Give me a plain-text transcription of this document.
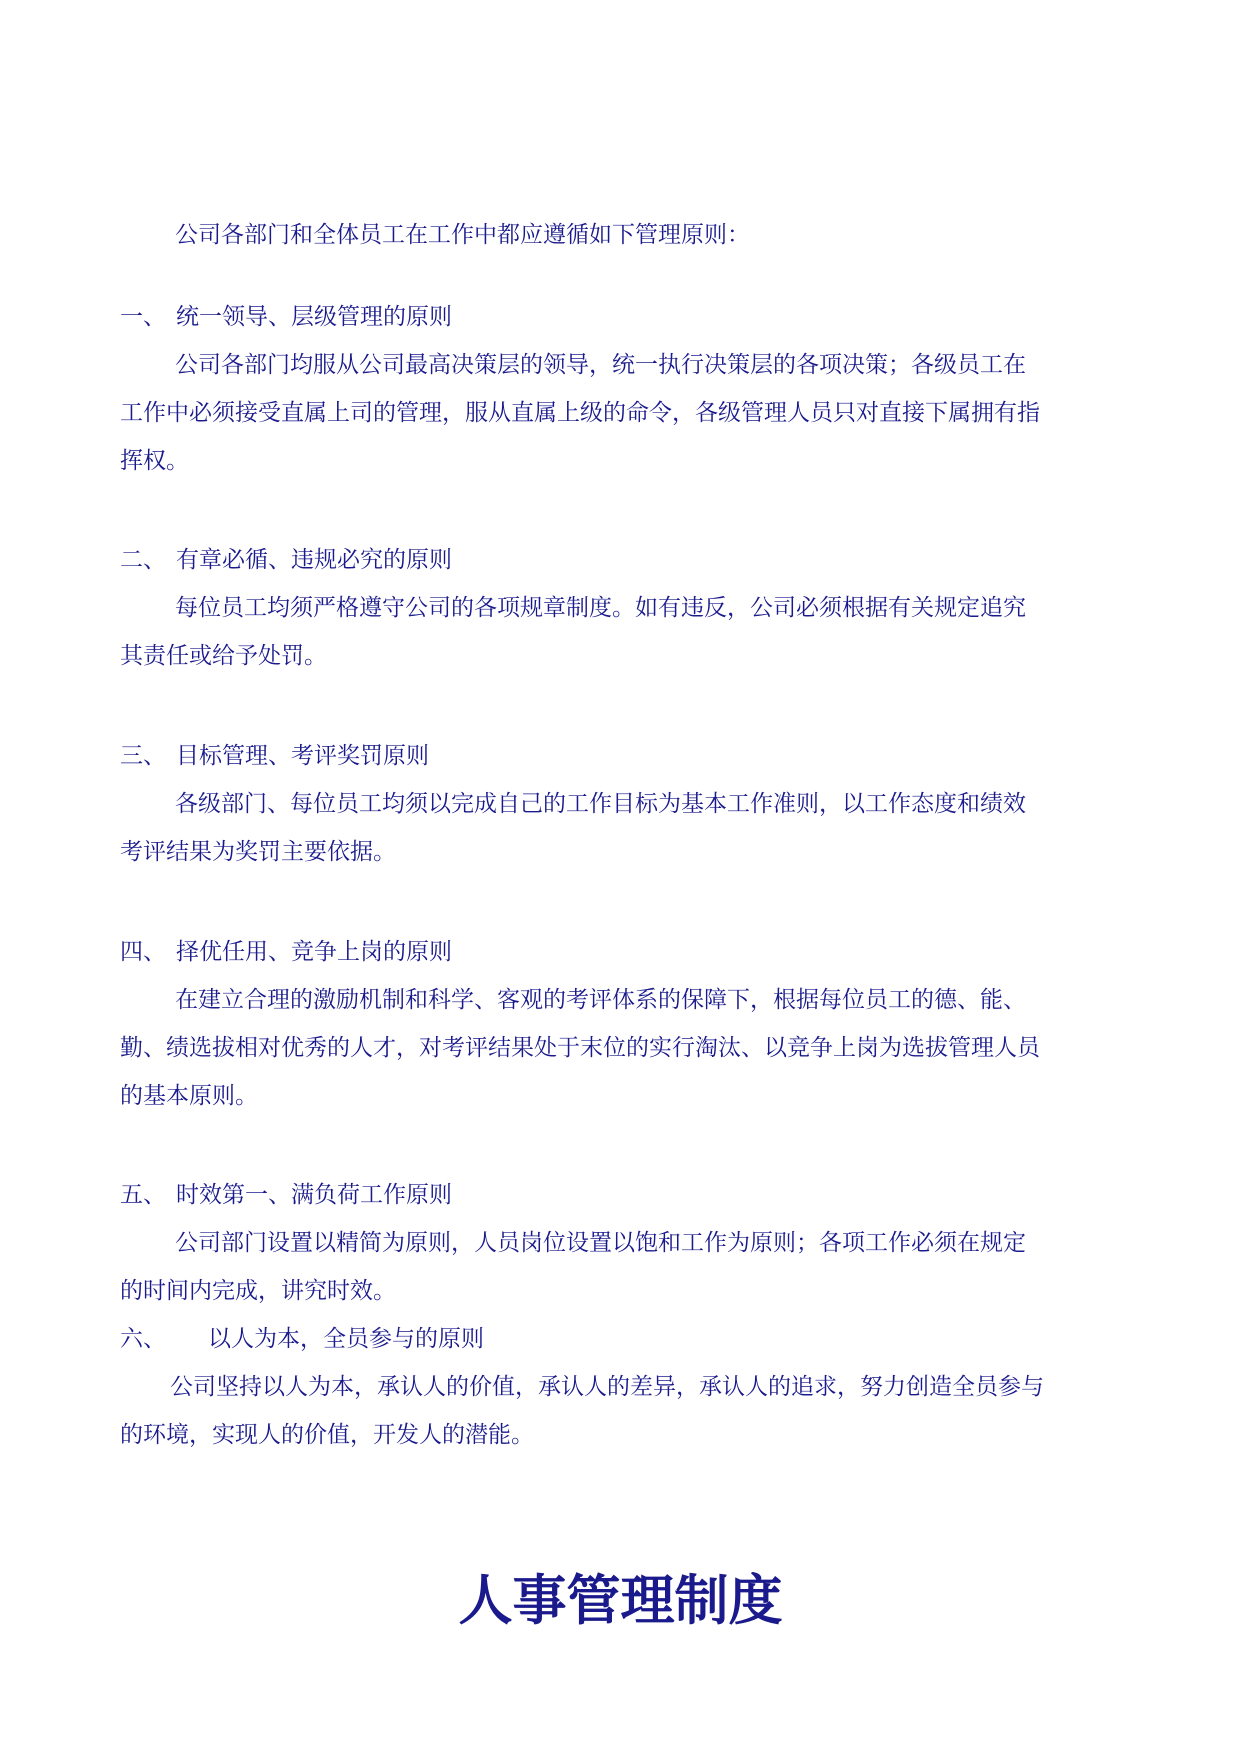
公司各部门和全体员工在工作中都应遵循如下管理原则：
一、 统一领导、层级管理的原则
公司各部门均服从公司最高决策层的领导，统一执行决策层的各项决策；各级员工在
工作中必须接受直属上司的管理，服从直属上级的命令，各级管理人员只对直接下属拥有指
挥权。
二、 有章必循、违规必究的原则
每位员工均须严格遵守公司的各项规章制度。如有违反，公司必须根据有关规定追究
其责任或给予处罚。
三、 目标管理、考评奖罚原则
各级部门、每位员工均须以完成自己的工作目标为基本工作准则，以工作态度和绩效
考评结果为奖罚主要依据。
四、 择优任用、竞争上岗的原则
在建立合理的激励机制和科学、客观的考评体系的保障下，根据每位员工的德、能、
勤、绩选拔相对优秀的人才，对考评结果处于末位的实行淘汰、以竞争上岗为选拔管理人员
的基本原则。
五、 时效第一、满负荷工作原则
公司部门设置以精简为原则，人员岗位设置以饱和工作为原则；各项工作必须在规定
的时间内完成，讲究时效。
六、 以人为本，全员参与的原则
公司坚持以人为本，承认人的价值，承认人的差异，承认人的追求，努力创造全员参与
的环境，实现人的价值，开发人的潜能。
人事管理制度
